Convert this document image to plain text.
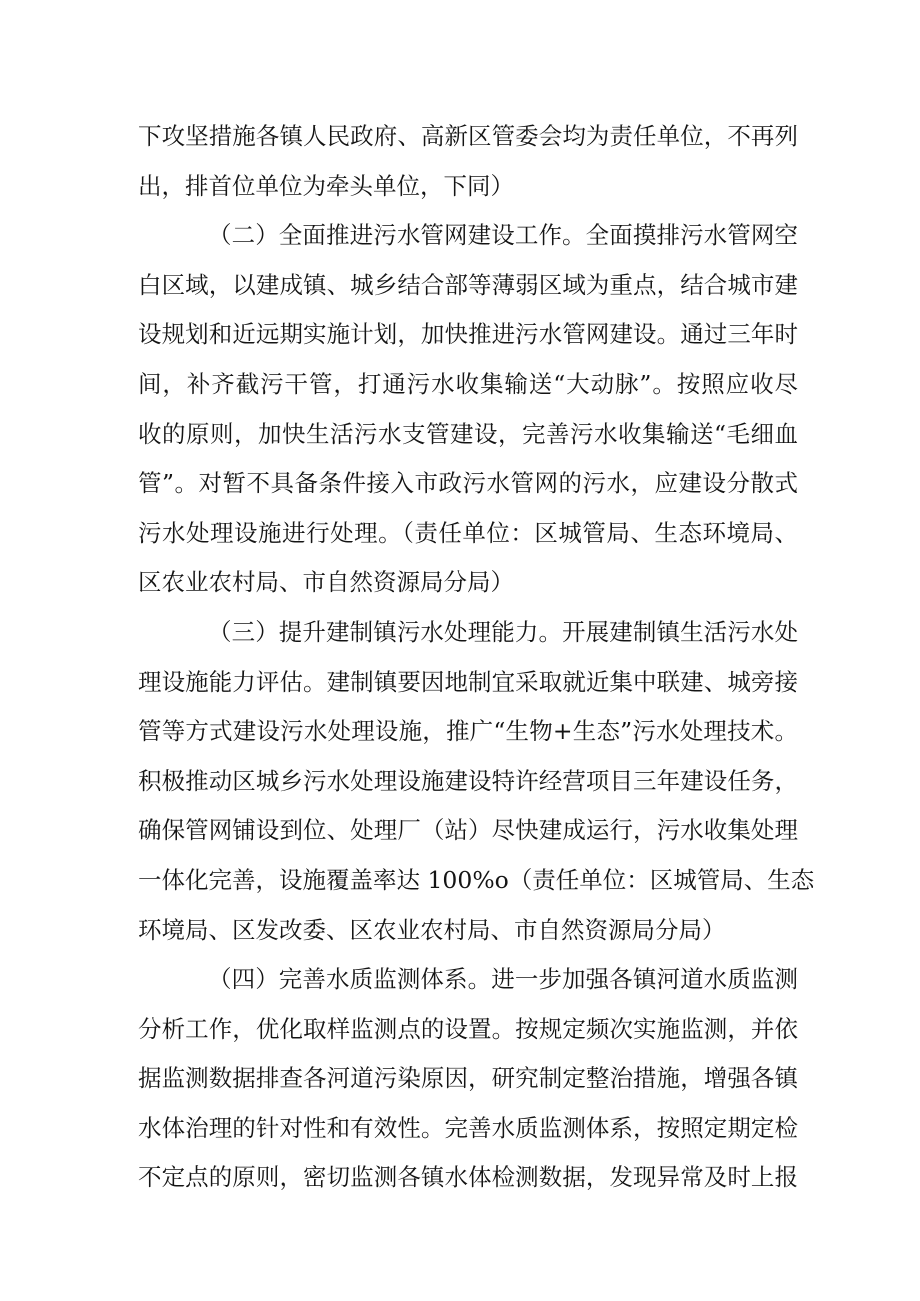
下攻坚措施各镇人民政府、高新区管委会均为责任单位，不再列
出，排首位单位为牵头单位，下同）
（二）全面推进污水管网建设工作。全面摸排污水管网空
白区域，以建成镇、城乡结合部等薄弱区域为重点，结合城市建
设规划和近远期实施计划，加快推进污水管网建设。通过三年时
间，补齐截污干管，打通污水收集输送“大动脉”。按照应收尽
收的原则，加快生活污水支管建设，完善污水收集输送“毛细血
管”。对暂不具备条件接入市政污水管网的污水，应建设分散式
污水处理设施进行处理。（责任单位：区城管局、生态环境局、
区农业农村局、市自然资源局分局）
（三）提升建制镇污水处理能力。开展建制镇生活污水处
理设施能力评估。建制镇要因地制宜采取就近集中联建、城旁接
管等方式建设污水处理设施，推广“生物+生态”污水处理技术。
积极推动区城乡污水处理设施建设特许经营项目三年建设任务，
确保管网铺设到位、处理厂（站）尽快建成运行，污水收集处理
一体化完善，设施覆盖率达 100%o（责任单位：区城管局、生态
环境局、区发改委、区农业农村局、市自然资源局分局）
（四）完善水质监测体系。进一步加强各镇河道水质监测
分析工作，优化取样监测点的设置。按规定频次实施监测，并依
据监测数据排查各河道污染原因，研究制定整治措施，增强各镇
水体治理的针对性和有效性。完善水质监测体系，按照定期定检
不定点的原则，密切监测各镇水体检测数据，发现异常及时上报
